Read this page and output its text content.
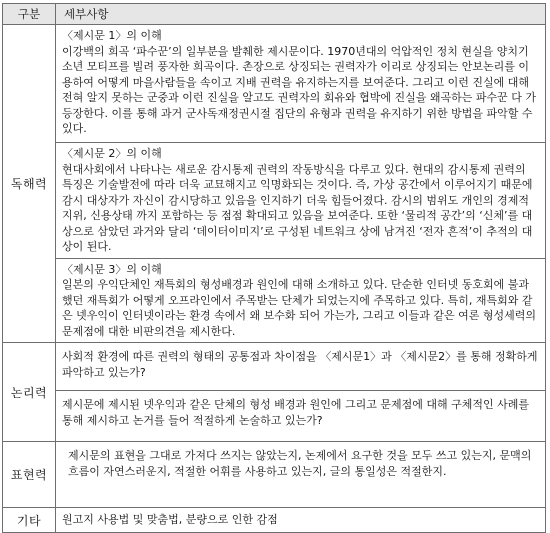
구분	세부사항
독해력	〈제시문 1〉의 이해
이강백의 희곡 ‘파수꾼’의 일부분을 발췌한 제시문이다. 1970년대의 억압적인 정치 현실을 양치기 소년 모티프를 빌려 풍자한 희곡이다. 촌장으로 상징되는 권력자가 이리로 상징되는 안보논리를 이용하여 어떻게 마을사람들을 속이고 지배 권력을 유지하는지를 보여준다. 그리고 이런 진실에 대해 전혀 알지 못하는 군중과 이런 진실을 알고도 권력자의 회유와 협박에 진실을 왜곡하는 파수꾼 다 가 등장한다. 이를 통해 과거 군사독재정권시절 집단의 유형과 권력을 유지하기 위한 방법을 파악할 수 있다.

	〈제시문 2〉의 이해
현대사회에서 나타나는 새로운 감시통제 권력의 작동방식을 다루고 있다. 현대의 감시통제 권력의 특징은 기술발전에 따라 더욱 교묘해지고 익명화되는 것이다. 즉, 가상 공간에서 이루어지기 때문에 감시 대상자가 자신이 감시당하고 있음을 인지하기 더욱 힘들어졌다. 감시의 범위도 개인의 경제적 지위, 신용상태 까지 포함하는 등 점점 확대되고 있음을 보여준다. 또한 ‘물리적 공간’의 ‘신체’를 대상으로 삼았던 과거와 달리 ‘데이터이미지’로 구성된 네트워크 상에 남겨진 ‘전자 흔적’이 추적의 대상이 된다.

	〈제시문 3〉의 이해
일본의 우익단체인 재특회의 형성배경과 원인에 대해 소개하고 있다. 단순한 인터넷 동호회에 불과했던 재특회가 어떻게 오프라인에서 주목받는 단체가 되었는지에 주목하고 있다. 특히, 재특회와 같은 넷우익이 인터넷이라는 환경 속에서 왜 보수화 되어 가는가, 그리고 이들과 같은 여론 형성세력의 문제점에 대한 비판의견을 제시한다.

논리력	사회적 환경에 따른 권력의 형태의 공통점과 차이점을 〈제시문1〉과 〈제시문2〉를 통해 정확하게 파악하고 있는가?
	제시문에 제시된 넷우익과 같은 단체의 형성 배경과 원인에 그리고 문제점에 대해 구체적인 사례를 통해 제시하고 논거를 들어 적절하게 논술하고 있는가?
표현력	제시문의 표현을 그대로 가져다 쓰지는 않았는지, 논제에서 요구한 것을 모두 쓰고 있는지, 문맥의 흐름이 자연스러운지, 적절한 어휘를 사용하고 있는지, 글의 통일성은 적절한지.
기타	원고지 사용법 및 맞춤법, 분량으로 인한 감점
